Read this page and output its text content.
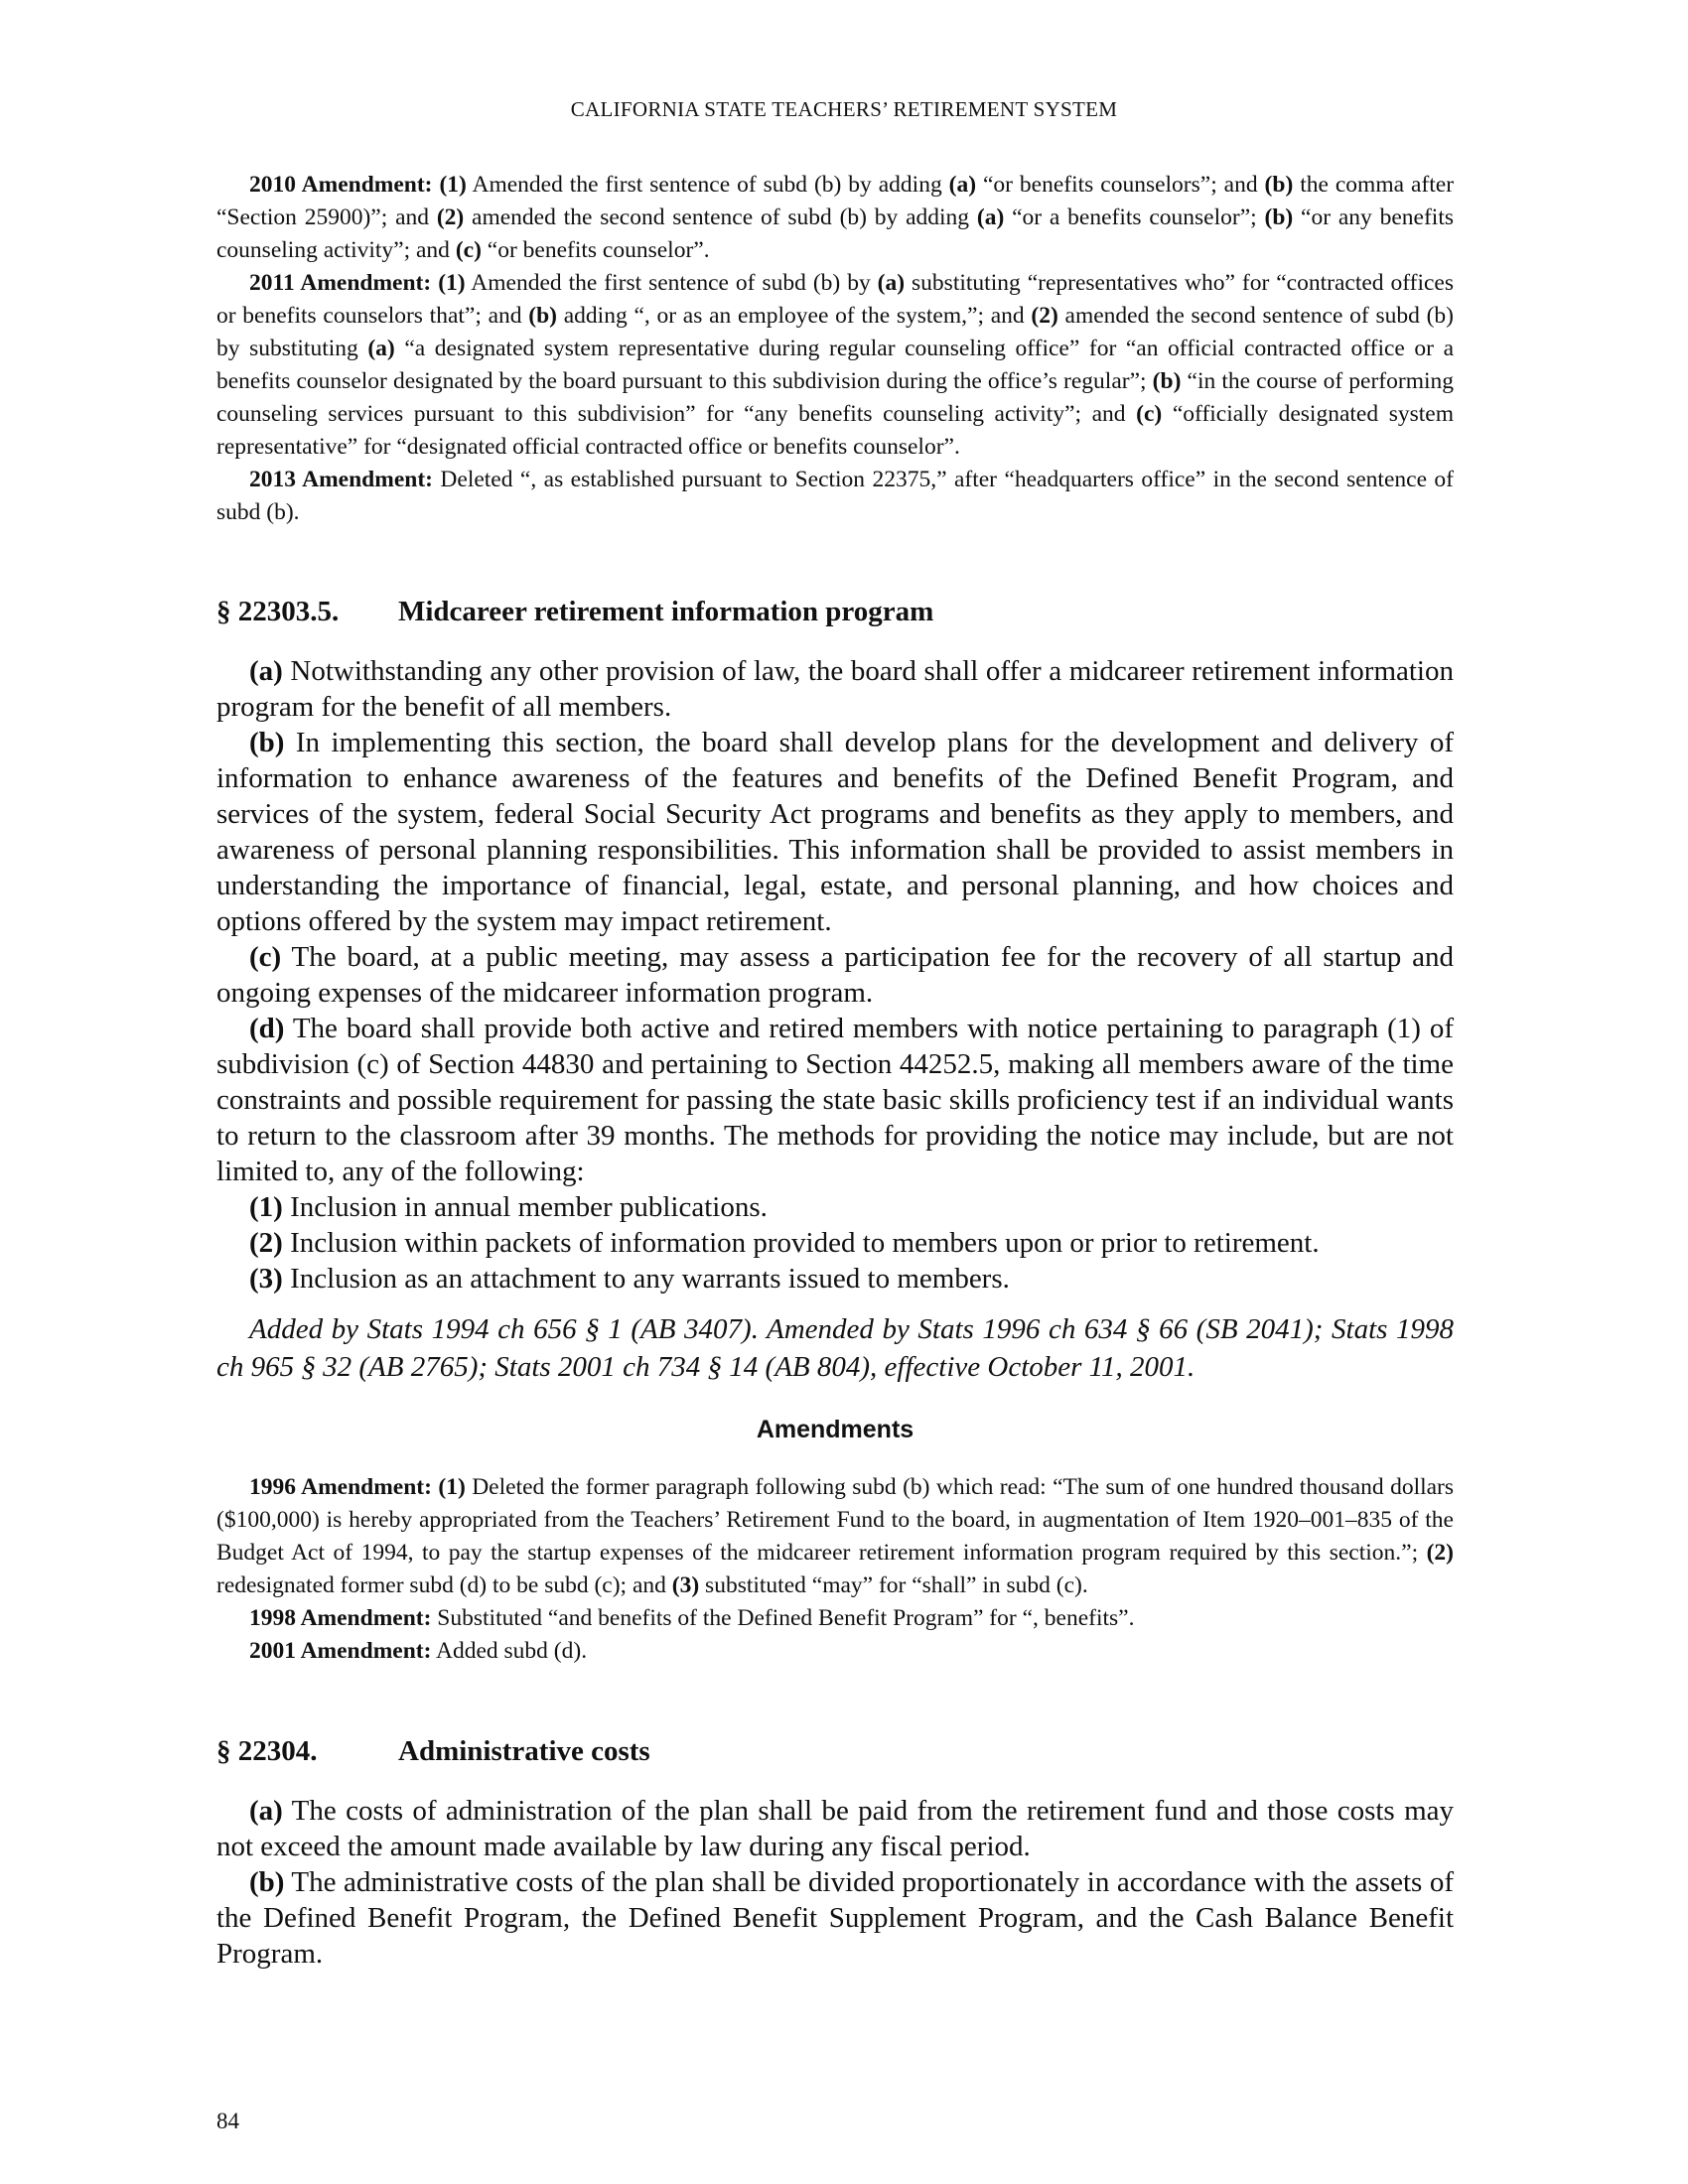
CALIFORNIA STATE TEACHERS’ RETIREMENT SYSTEM

2010 Amendment: (1) Amended the first sentence of subd (b) by adding (a) “or benefits counselors”; and (b) the comma after “Section 25900)”; and (2) amended the second sentence of subd (b) by adding (a) “or a benefits counselor”; (b) “or any benefits counseling activity”; and (c) “or benefits counselor”.

2011 Amendment: (1) Amended the first sentence of subd (b) by (a) substituting “representatives who” for “contracted offices or benefits counselors that”; and (b) adding “, or as an employee of the system,”; and (2) amended the second sentence of subd (b) by substituting (a) “a designated system representative during regular counseling office” for “an official contracted office or a benefits counselor designated by the board pursuant to this subdivision during the office’s regular”; (b) “in the course of performing counseling services pursuant to this subdivision” for “any benefits counseling activity”; and (c) “officially designated system representative” for “designated official contracted office or benefits counselor”.

2013 Amendment: Deleted “, as established pursuant to Section 22375,” after “headquarters office” in the second sentence of subd (b).

§ 22303.5. Midcareer retirement information program

(a) Notwithstanding any other provision of law, the board shall offer a midcareer retirement information program for the benefit of all members.

(b) In implementing this section, the board shall develop plans for the development and delivery of information to enhance awareness of the features and benefits of the Defined Benefit Program, and services of the system, federal Social Security Act programs and benefits as they apply to members, and awareness of personal planning responsibilities. This information shall be provided to assist members in understanding the importance of financial, legal, estate, and personal planning, and how choices and options offered by the system may impact retirement.

(c) The board, at a public meeting, may assess a participation fee for the recovery of all startup and ongoing expenses of the midcareer information program.

(d) The board shall provide both active and retired members with notice pertaining to paragraph (1) of subdivision (c) of Section 44830 and pertaining to Section 44252.5, making all members aware of the time constraints and possible requirement for passing the state basic skills proficiency test if an individual wants to return to the classroom after 39 months. The methods for providing the notice may include, but are not limited to, any of the following:

(1) Inclusion in annual member publications.

(2) Inclusion within packets of information provided to members upon or prior to retirement.

(3) Inclusion as an attachment to any warrants issued to members.

Added by Stats 1994 ch 656 § 1 (AB 3407). Amended by Stats 1996 ch 634 § 66 (SB 2041); Stats 1998 ch 965 § 32 (AB 2765); Stats 2001 ch 734 § 14 (AB 804), effective October 11, 2001.

Amendments

1996 Amendment: (1) Deleted the former paragraph following subd (b) which read: “The sum of one hundred thousand dollars ($100,000) is hereby appropriated from the Teachers’ Retirement Fund to the board, in augmentation of Item 1920–001–835 of the Budget Act of 1994, to pay the startup expenses of the midcareer retirement information program required by this section.”; (2) redesignated former subd (d) to be subd (c); and (3) substituted “may” for “shall” in subd (c).

1998 Amendment: Substituted “and benefits of the Defined Benefit Program” for “, benefits”.

2001 Amendment: Added subd (d).

§ 22304.	Administrative costs

(a) The costs of administration of the plan shall be paid from the retirement fund and those costs may not exceed the amount made available by law during any fiscal period.

(b) The administrative costs of the plan shall be divided proportionately in accordance with the assets of the Defined Benefit Program, the Defined Benefit Supplement Program, and the Cash Balance Benefit Program.

84
